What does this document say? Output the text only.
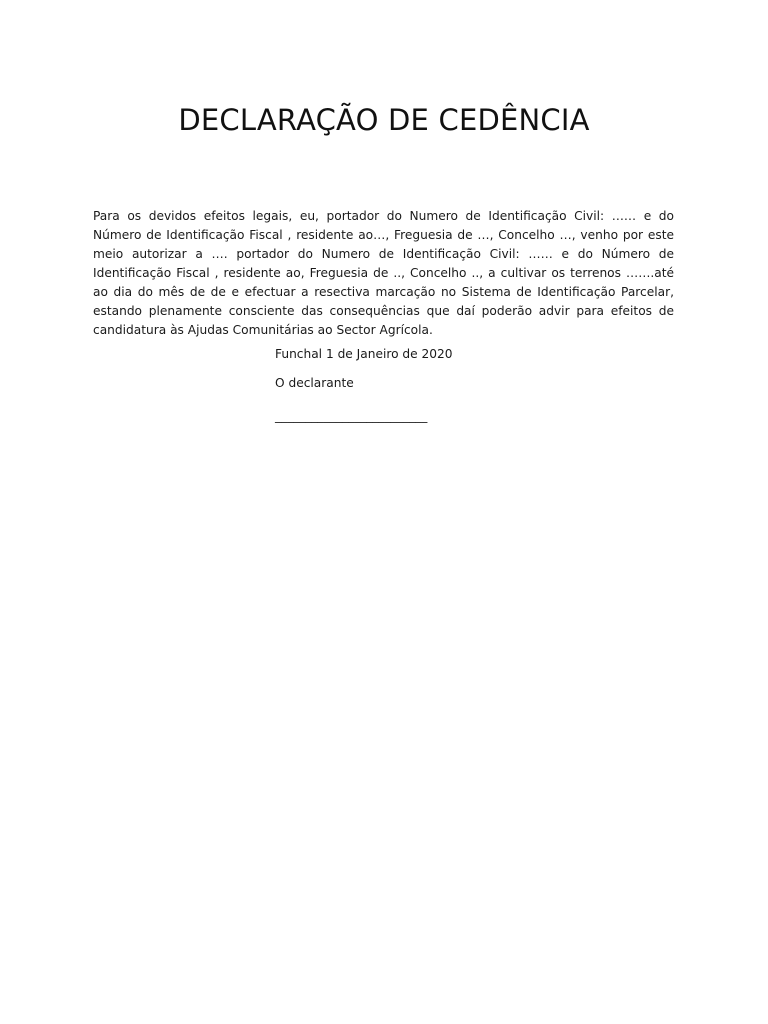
DECLARAÇÃO DE CEDÊNCIA

Para os devidos efeitos legais, eu, portador do Numero de Identificação Civil: …… e do Número de Identificação Fiscal , residente ao…, Freguesia de …, Concelho …, venho por este meio autorizar a …. portador do Numero de Identificação Civil: …… e do Número de Identificação Fiscal , residente ao, Freguesia de .., Concelho .., a cultivar os terrenos …….até ao dia do mês de de e efectuar a resectiva marcação no Sistema de Identificação Parcelar, estando plenamente consciente das consequências que daí poderão advir para efeitos de candidatura às Ajudas Comunitárias ao Sector Agrícola.

Funchal 1 de Janeiro de 2020
O declarante
_________________________
